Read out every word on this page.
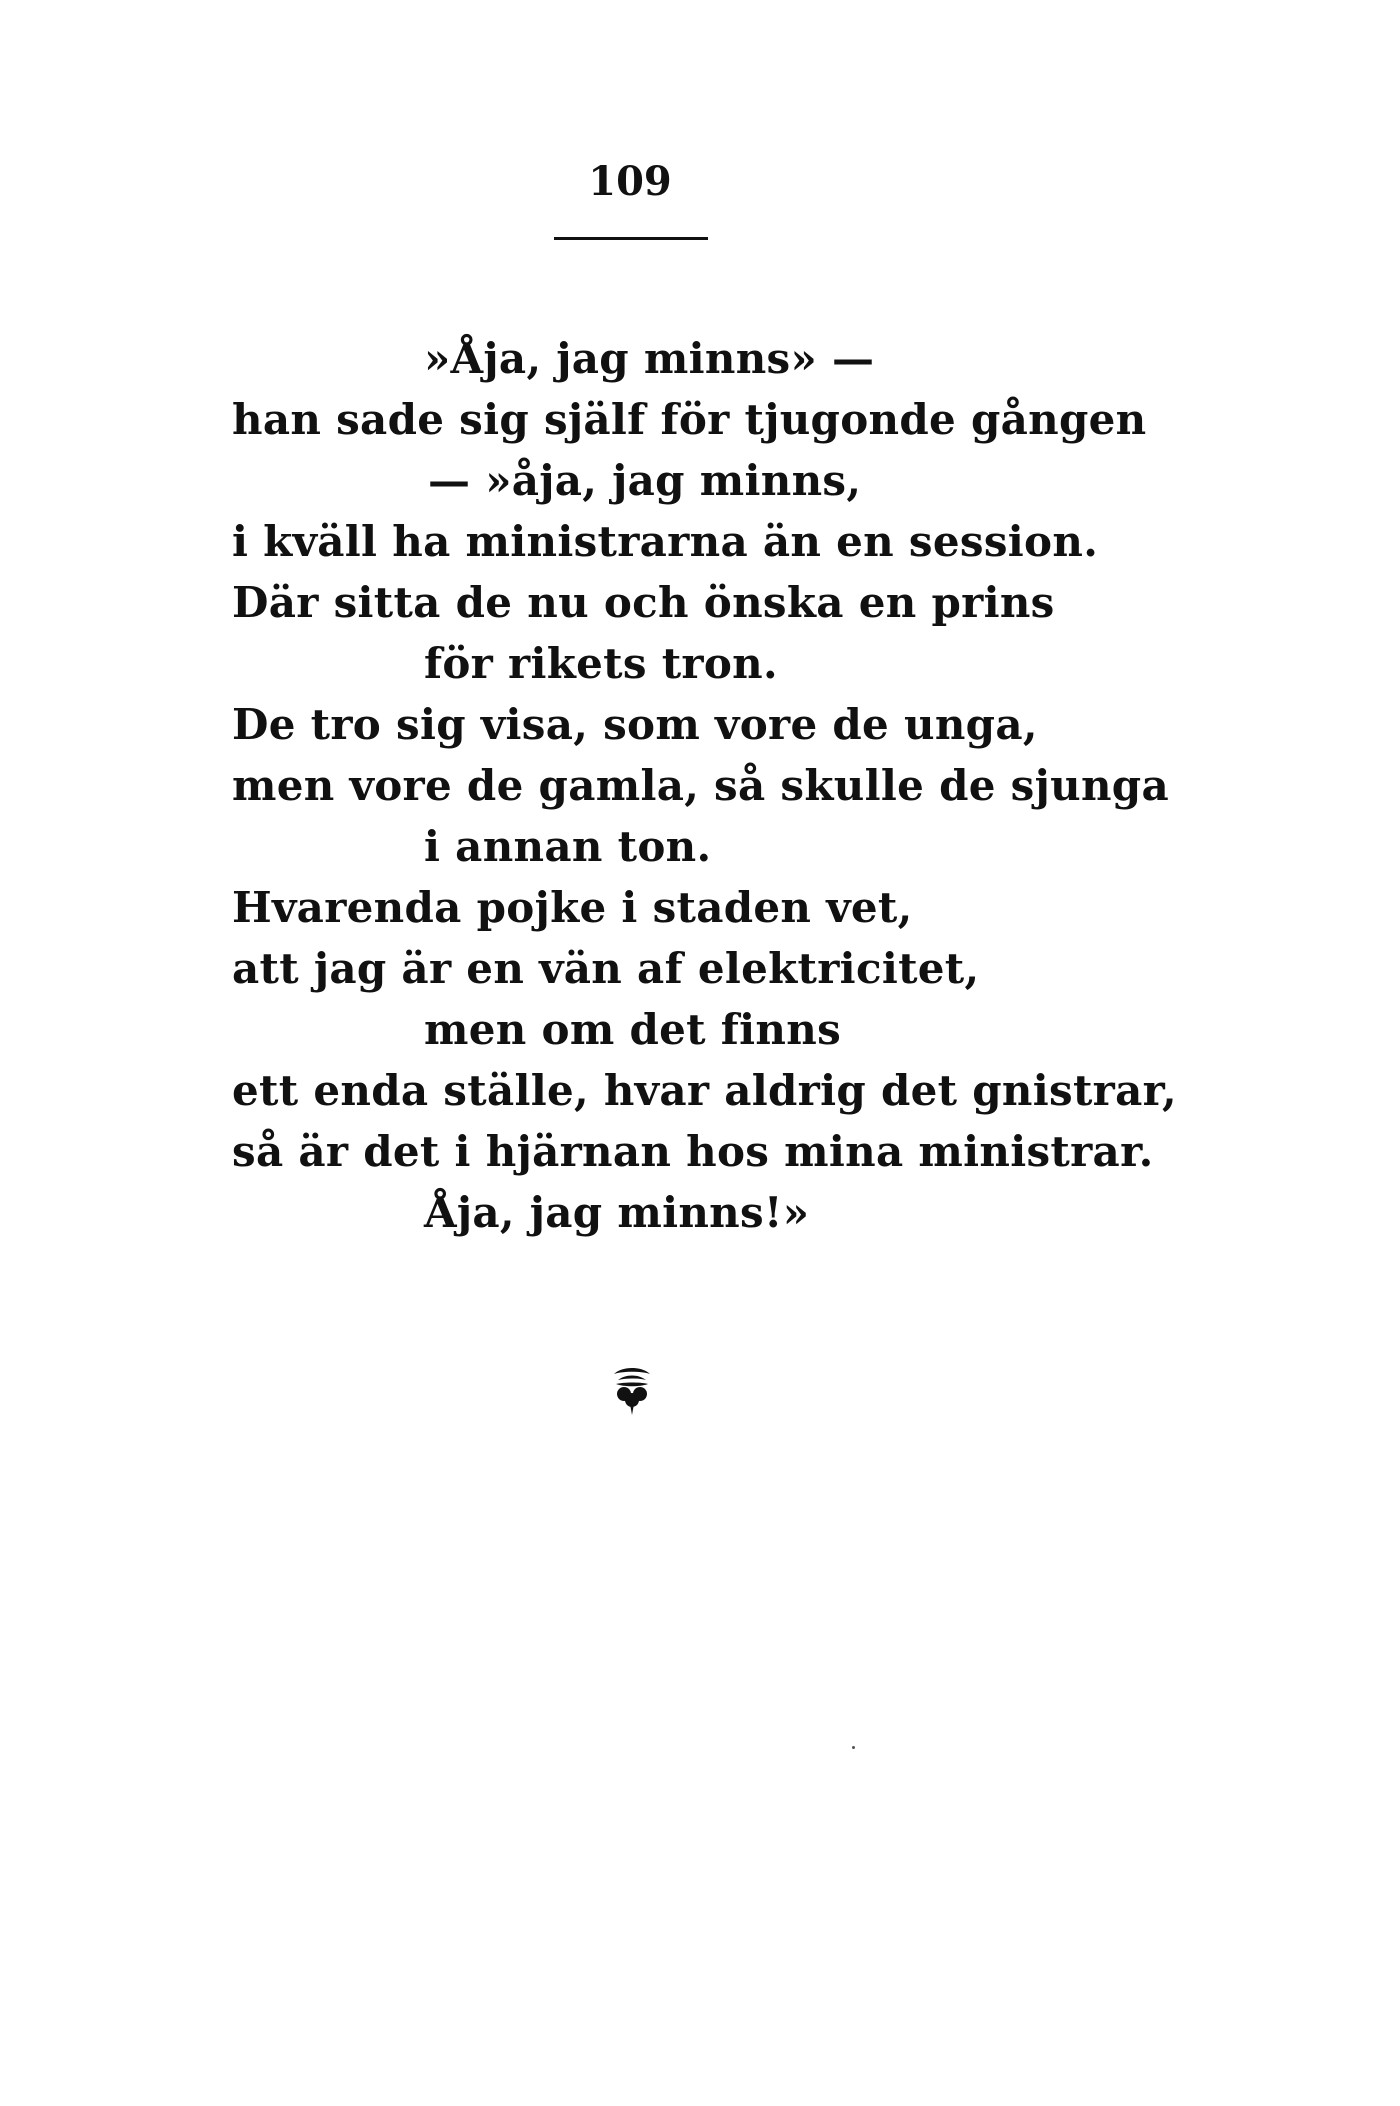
109
»Åja, jag minns» —
han sade sig själf för tjugonde gången
— »åja, jag minns,
i kväll ha ministrarna än en session.
Där sitta de nu och önska en prins
för rikets tron.
De tro sig visa, som vore de unga,
men vore de gamla, så skulle de sjunga
i annan ton.
Hvarenda pojke i staden vet,
att jag är en vän af elektricitet,
men om det finns
ett enda ställe, hvar aldrig det gnistrar,
så är det i hjärnan hos mina ministrar.
Åja, jag minns!»
